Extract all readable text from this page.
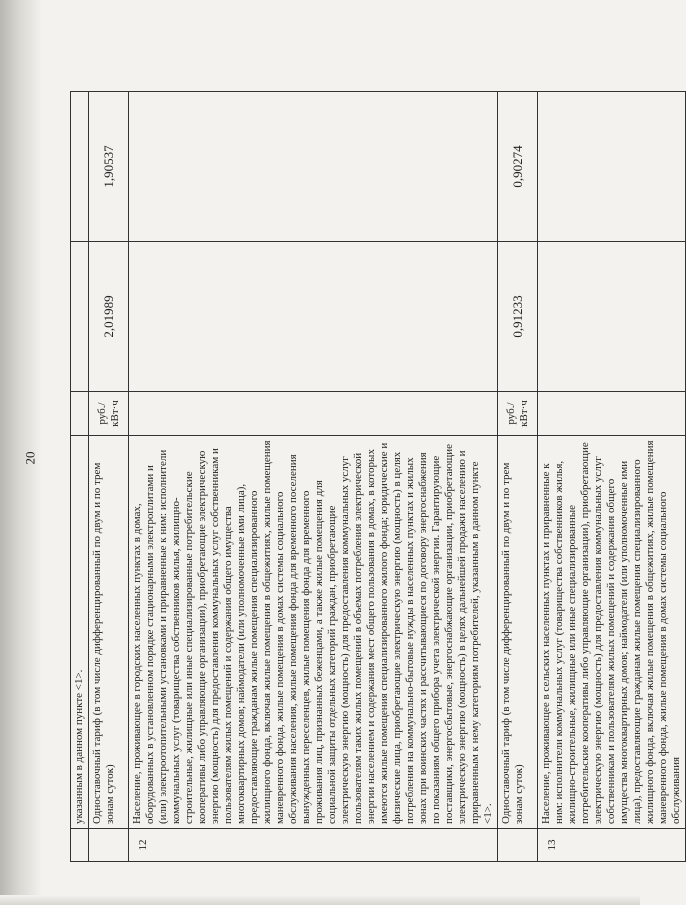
20
	указанным в данном пункте <1>.			
	Одноставочный тариф (в том числе дифференцированный по двум и по трем зонам суток)	руб./кВт·ч	2,01989	1,90537
12	Население, проживающее в городских населенных пунктах в домах, оборудованных в установленном порядке стационарными электроплитами и (или) электроотопительными установками и приравненные к ним: исполнители коммунальных услуг (товарищества собственников жилья, жилищно-строительные, жилищные или иные специализированные потребительские кооперативы либо управляющие организации), приобретающие электрическую энергию (мощность) для предоставления коммунальных услуг собственникам и пользователям жилых помещений и содержания общего имущества многоквартирных домов; наймодатели (или уполномоченные ими лица), предоставляющие гражданам жилые помещения специализированного жилищного фонда, включая жилые помещения в общежитиях, жилые помещения маневренного фонда, жилые помещения в домах системы социального обслуживания населения, жилые помещения фонда для временного поселения вынужденных переселенцев, жилые помещения фонда для временного проживания лиц, признанных беженцами, а также жилые помещения для социальной защиты отдельных категорий граждан, приобретающие электрическую энергию (мощность) для предоставления коммунальных услуг пользователям таких жилых помещений в объемах потребления электрической энергии населением и содержания мест общего пользования в домах, в которых имеются жилые помещения специализированного жилого фонда; юридические и физические лица, приобретающие электрическую энергию (мощность) в целях потребления на коммунально-бытовые нужды в населенных пунктах и жилых зонах при воинских частях и рассчитывающиеся по договору энергоснабжения по показаниям общего прибора учета электрической энергии. Гарантирующие поставщики, энергосбытовые, энергоснабжающие организации, приобретающие электрическую энергию (мощность) в целях дальнейшей продажи населению и приравненным к нему категориям потребителей, указанным в данном пункте <1>.			
	Одноставочный тариф (в том числе дифференцированный по двум и по трем зонам суток)	руб./кВт·ч	0,91233	0,90274
13	Население, проживающее в сельских населенных пунктах и приравненные к ним: исполнители коммунальных услуг (товарищества собственников жилья, жилищно-строительные, жилищные или иные специализированные потребительские кооперативы либо управляющие организации), приобретающие электрическую энергию (мощность) для предоставления коммунальных услуг собственникам и пользователям жилых помещений и содержания общего имущества многоквартирных домов; наймодатели (или уполномоченные ими лица), предоставляющие гражданам жилые помещения специализированного жилищного фонда, включая жилые помещения в общежитиях, жилые помещения маневренного фонда, жилые помещения в домах системы социального обслуживания			
